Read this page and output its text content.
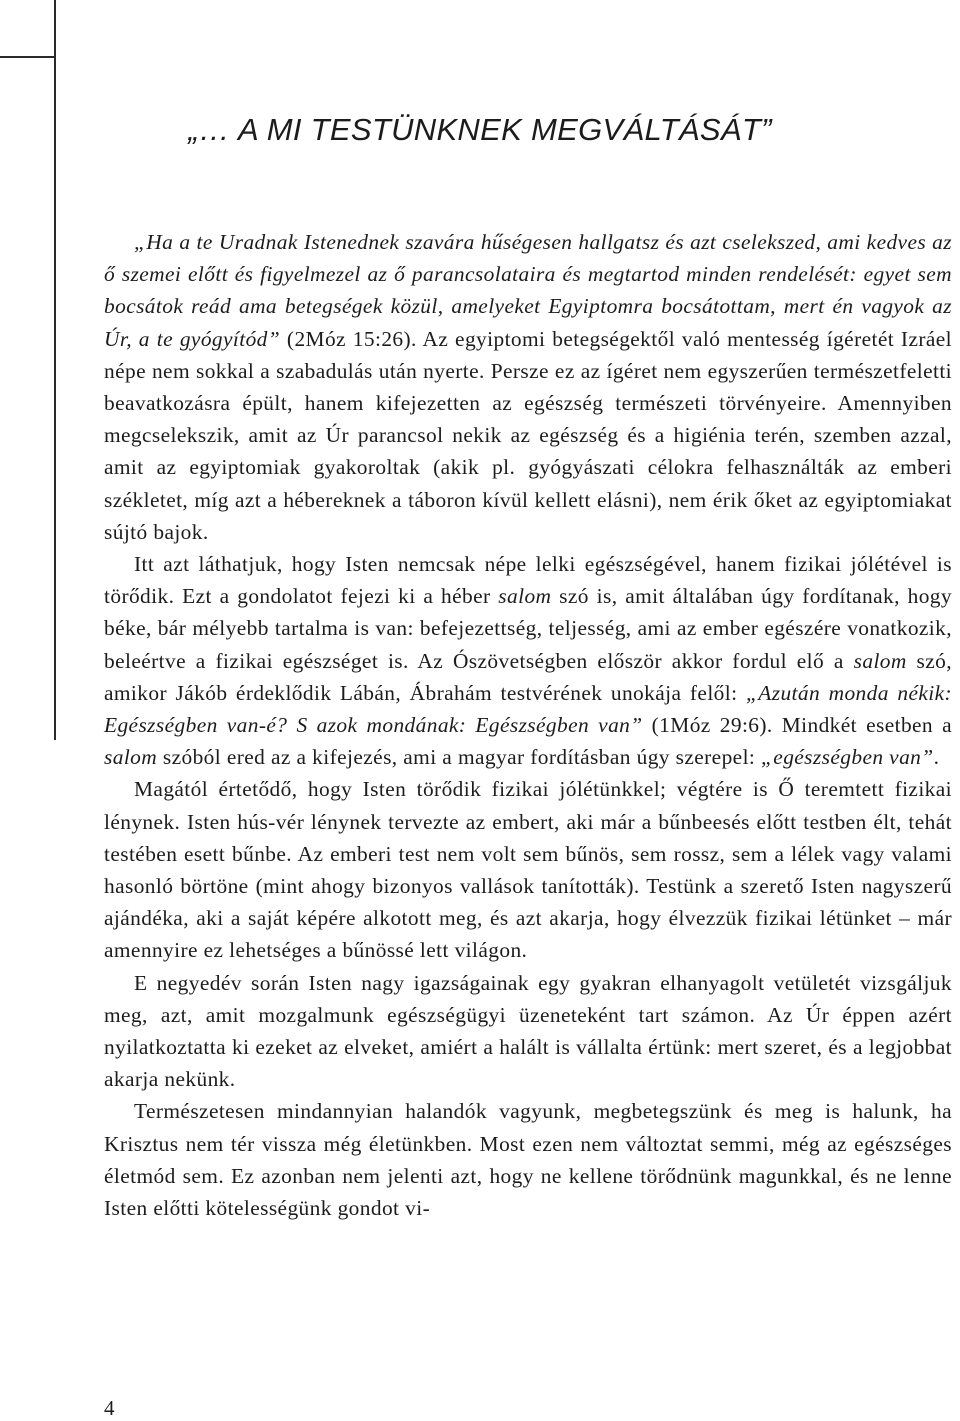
„… A MI TESTÜNKNEK MEGVÁLTÁSÁT”

„Ha a te Uradnak Istenednek szavára hűségesen hallgatsz és azt cselekszed, ami kedves az ő szemei előtt és figyelmezel az ő parancsolataira és megtartod minden rendelését: egyet sem bocsátok reád ama betegségek közül, amelyeket Egyiptomra bocsátottam, mert én vagyok az Úr, a te gyógyítód” (2Móz 15:26). Az egyiptomi betegségektől való mentesség ígéretét Izráel népe nem sokkal a szabadulás után nyerte. Persze ez az ígéret nem egyszerűen természetfeletti beavatkozásra épült, hanem kifejezetten az egészség természeti törvényeire. Amennyiben megcselekszik, amit az Úr parancsol nekik az egészség és a higiénia terén, szemben azzal, amit az egyiptomiak gyakoroltak (akik pl. gyógyászati célokra felhasználták az emberi székletet, míg azt a hébereknek a táboron kívül kellett elásni), nem érik őket az egyiptomiakat sújtó bajok.

Itt azt láthatjuk, hogy Isten nemcsak népe lelki egészségével, hanem fizikai jólétével is törődik. Ezt a gondolatot fejezi ki a héber salom szó is, amit általában úgy fordítanak, hogy béke, bár mélyebb tartalma is van: befejezettség, teljesség, ami az ember egészére vonatkozik, beleértve a fizikai egészséget is. Az Ószövetségben először akkor fordul elő a salom szó, amikor Jákób érdeklődik Lábán, Ábrahám testvérének unokája felől: „Azután monda nékik: Egészségben van-é? S azok mondának: Egészségben van” (1Móz 29:6). Mindkét esetben a salom szóból ered az a kifejezés, ami a magyar fordításban úgy szerepel: „egészségben van”.

Magától értetődő, hogy Isten törődik fizikai jólétünkkel; végtére is Ő teremtett fizikai lénynek. Isten hús-vér lénynek tervezte az embert, aki már a bűnbeesés előtt testben élt, tehát testében esett bűnbe. Az emberi test nem volt sem bűnös, sem rossz, sem a lélek vagy valami hasonló börtöne (mint ahogy bizonyos vallások tanították). Testünk a szerető Isten nagyszerű ajándéka, aki a saját képére alkotott meg, és azt akarja, hogy élvezzük fizikai létünket – már amennyire ez lehetséges a bűnössé lett világon.

E negyedév során Isten nagy igazságainak egy gyakran elhanyagolt vetületét vizsgáljuk meg, azt, amit mozgalmunk egészségügyi üzeneteként tart számon. Az Úr éppen azért nyilatkoztatta ki ezeket az elveket, amiért a halált is vállalta értünk: mert szeret, és a legjobbat akarja nekünk.

Természetesen mindannyian halandók vagyunk, megbetegszünk és meg is halunk, ha Krisztus nem tér vissza még életünkben. Most ezen nem változtat semmi, még az egészséges életmód sem. Ez azonban nem jelenti azt, hogy ne kellene törődnünk magunkkal, és ne lenne Isten előtti kötelességünk gondot vi-

4
